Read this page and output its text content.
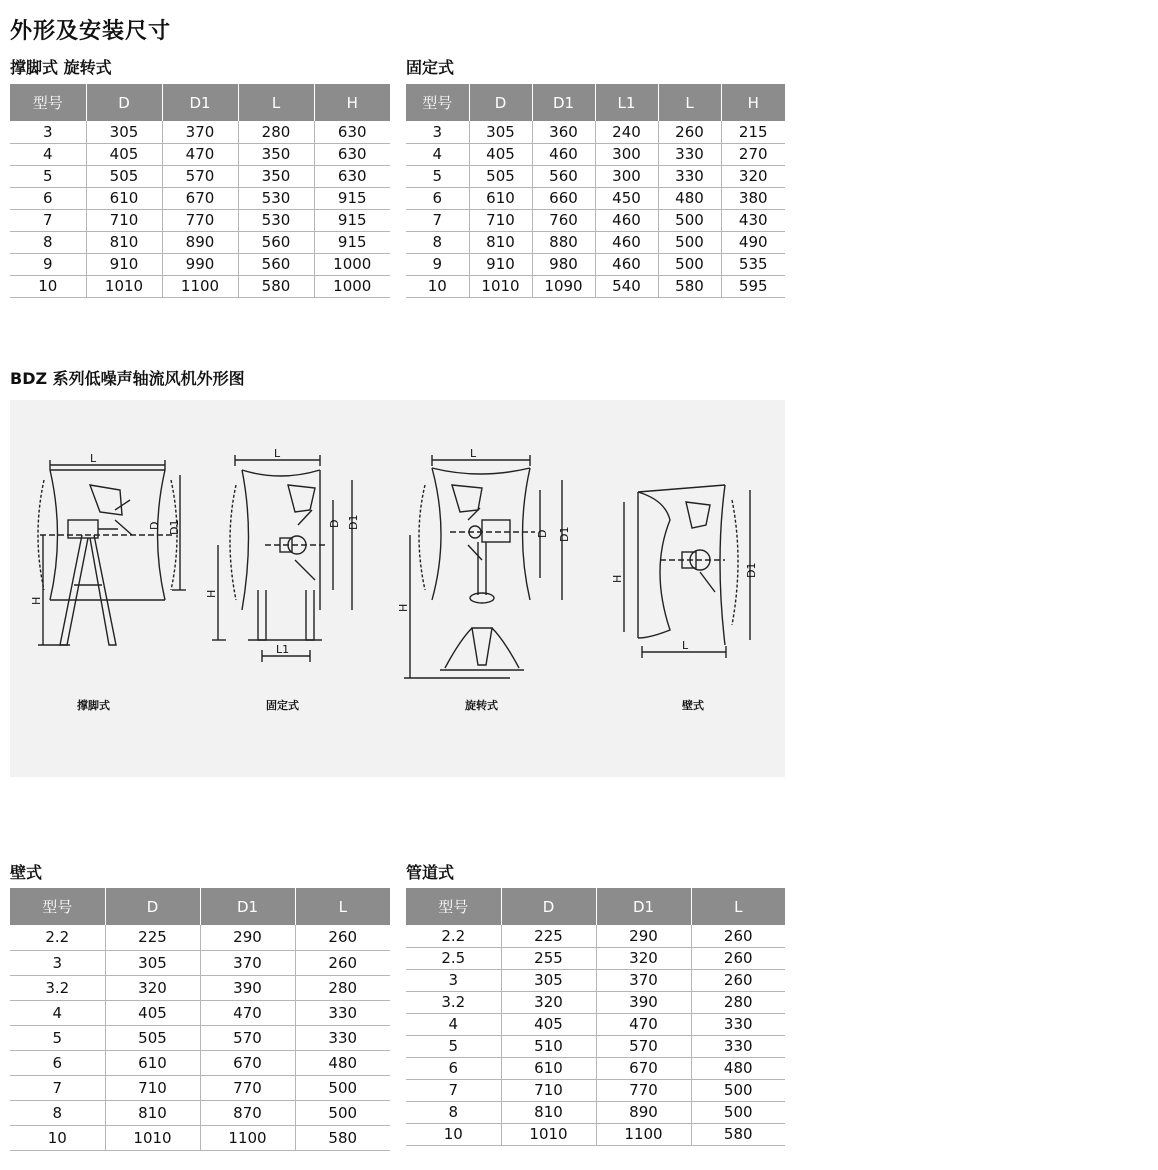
外形及安装尺寸
撑脚式 旋转式
型号	D	D1	L	H
3	305	370	280	630
4	405	470	350	630
5	505	570	350	630
6	610	670	530	915
7	710	770	530	915
8	810	890	560	915
9	910	990	560	1000
10	1010	1100	580	1000
固定式
型号	D	D1	L1	L	H
3	305	360	240	260	215
4	405	460	300	330	270
5	505	560	300	330	320
6	610	660	450	480	380
7	710	760	460	500	430
8	810	880	460	500	490
9	910	980	460	500	535
10	1010	1090	540	580	595
BDZ 系列低噪声轴流风机外形图
L
D D1
H
L
D D1
H
L1
L
D D1
H
H
L
D1
撑脚式	固定式	旋转式	壁式
壁式
型号	D	D1	L
2.2	225	290	260
3	305	370	260
3.2	320	390	280
4	405	470	330
5	505	570	330
6	610	670	480
7	710	770	500
8	810	870	500
10	1010	1100	580
管道式
型号	D	D1	L
2.2	225	290	260
2.5	255	320	260
3	305	370	260
3.2	320	390	280
4	405	470	330
5	510	570	330
6	610	670	480
7	710	770	500
8	810	890	500
10	1010	1100	580
